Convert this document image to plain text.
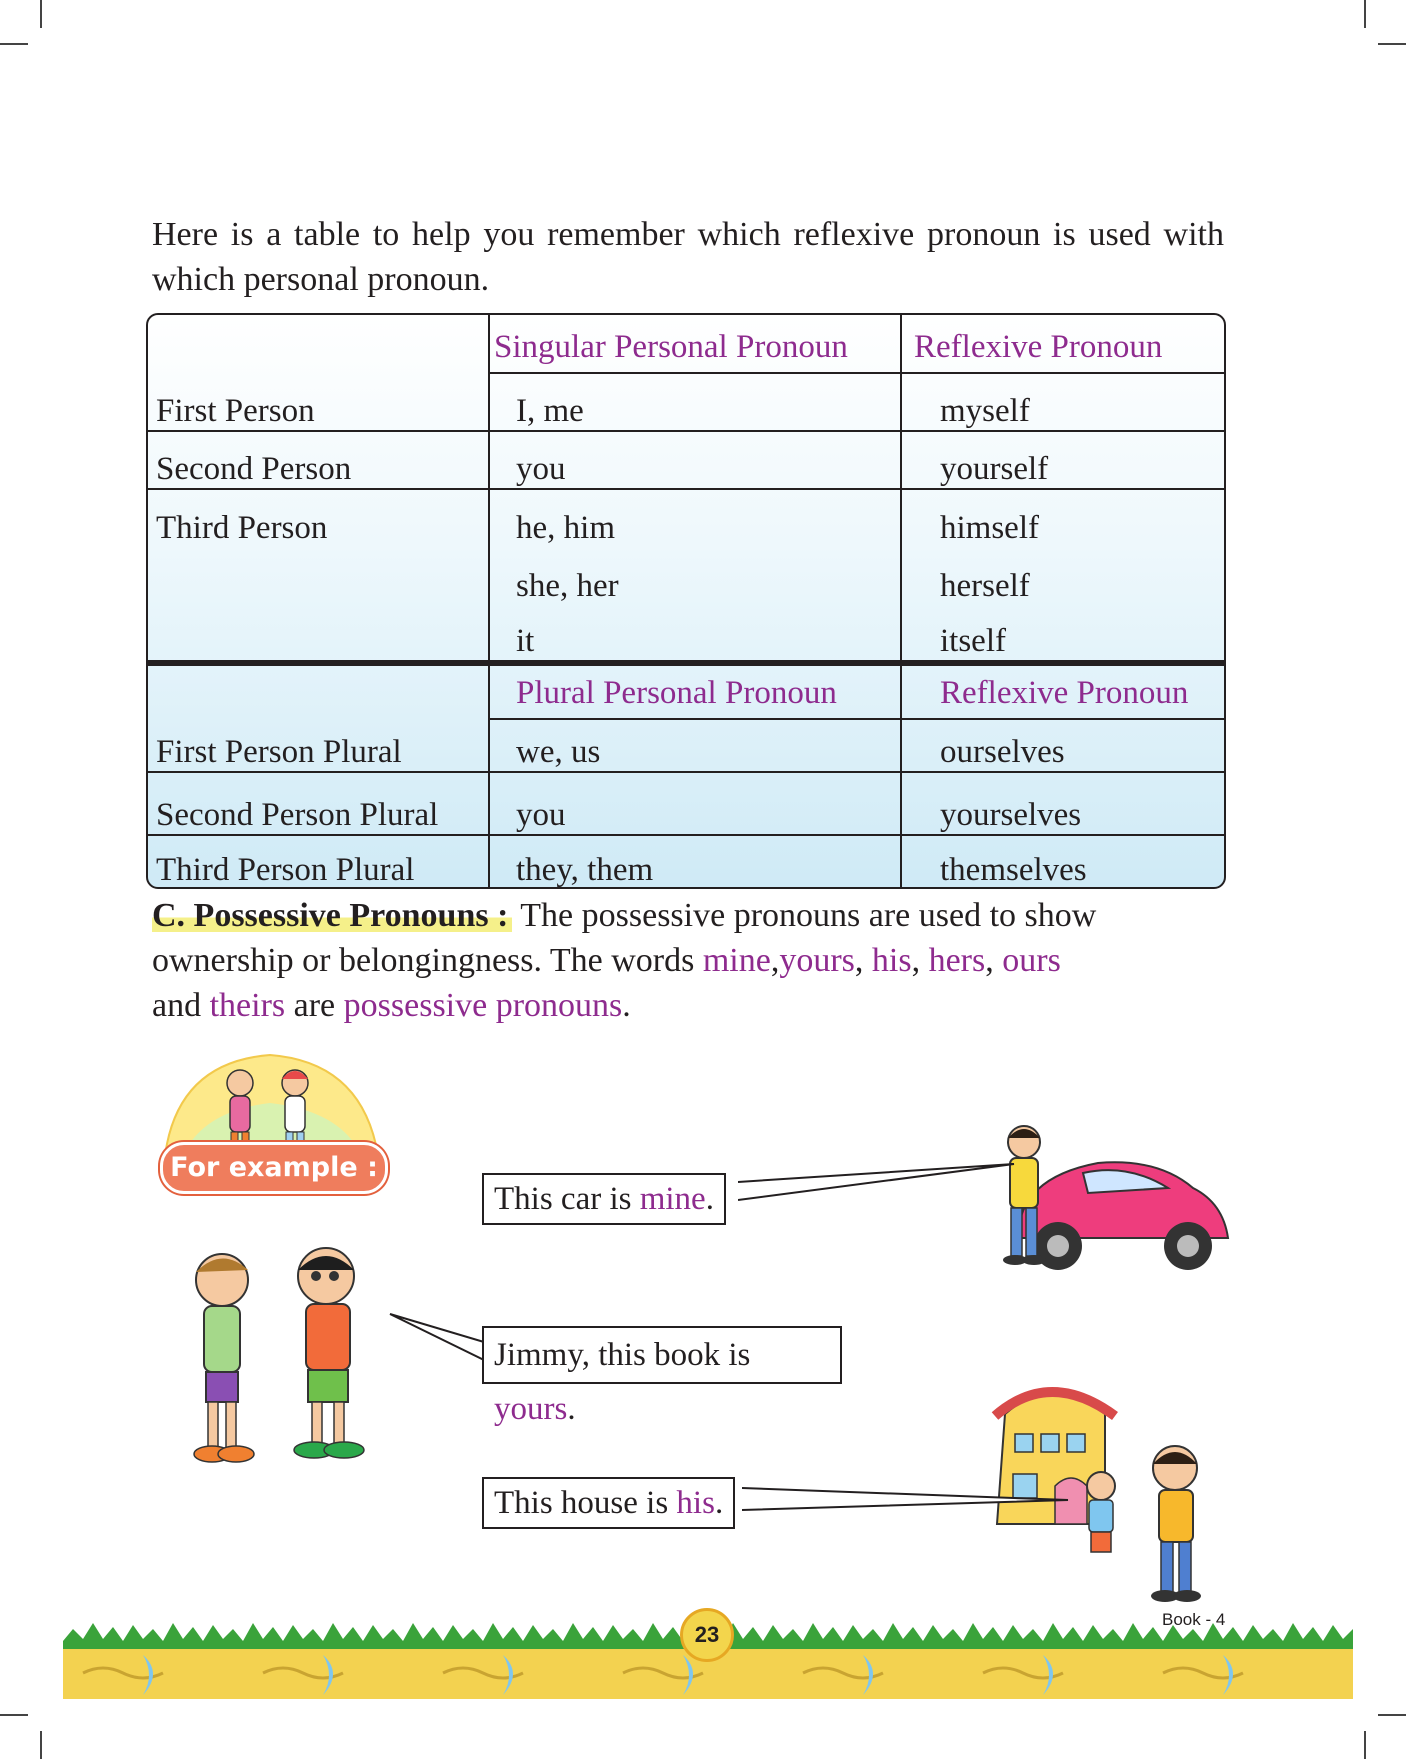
Here is a table to help you remember which reflexive pronoun is used with which personal pronoun.

	Singular Personal Pronoun	Reflexive Pronoun
First Person	I, me	myself
Second Person	you	yourself
Third Person	he, him	himself
	she, her	herself
	it	itself
	Plural Personal Pronoun	Reflexive Pronoun
First Person Plural	we, us	ourselves
Second Person Plural	you	yourselves
Third Person Plural	they, them	themselves

C. Possessive Pronouns : The possessive pronouns are used to show ownership or belongingness. The words mine,yours, his, hers, ours
and theirs are possessive pronouns.

For example :
This car is mine.
Jimmy, this book is yours.
This house is his.
23
Book - 4
